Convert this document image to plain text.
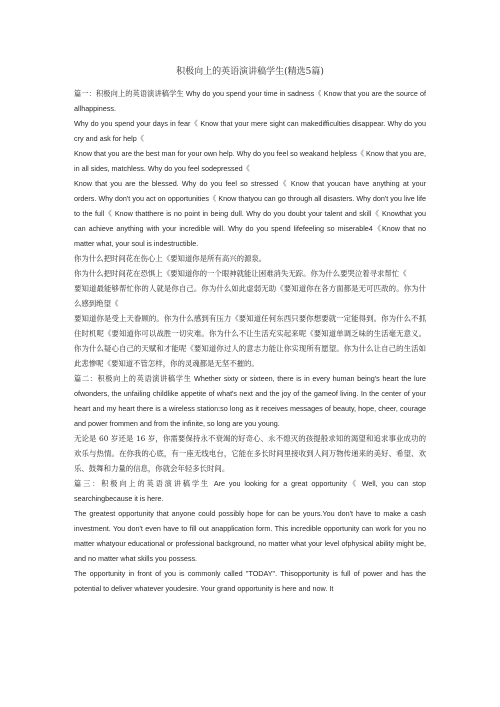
积极向上的英语演讲稿学生(精选5篇)

篇一：积极向上的英语演讲稿学生 Why do you spend your time in sadness《 Know that you are the source of allhappiness.

Why do you spend your days in fear《 Know that your mere sight can makedifficulties disappear. Why do you cry and ask for help《

Know that you are the best man for your own help. Why do you feel so weakand helpless《 Know that you are, in all sides, matchless. Why do you feel sodepressed《

Know that you are the blessed. Why do you feel so stressed《 Know that youcan have anything at your orders. Why don't you act on opportunities《 Know thatyou can go through all disasters. Why don't you live life to the full《 Know thatthere is no point in being dull. Why do you doubt your talent and skill《 Knowthat you can achieve anything with your incredible will. Why do you spend lifefeeling so miserable4《Know that no matter what, your soul is indestructible.

你为什么把时间花在伤心上《要知道你是所有高兴的源泉。

你为什么把时间花在恐惧上《要知道你的一个眼神就能让困难消失无踪。你为什么要哭泣着寻求帮忙《

要知道最能够帮忙你的人就是你自己。你为什么如此虚弱无助《要知道你在各方面都是无可匹敌的。你为什么感到绝望《

要知道你是受上天眷顾的。你为什么感到有压力《要知道任何东西只要你想要就一定能得到。你为什么不抓住时机呢《要知道你可以战胜一切灾难。你为什么不让生活充实起来呢《要知道单调乏味的生活毫无意义。你为什么疑心自己的天赋和才能呢《要知道你过人的意志力能让你实现所有愿望。你为什么让自己的生活如此悲惨呢《要知道不管怎样，你的灵魂都是无坚不摧的。

篇二：积极向上的英语演讲稿学生 Whether sixty or sixteen, there is in every human being's heart the lure ofwonders, the unfailing childlike appetite of what's next and the joy of the gameof living. In the center of your heart and my heart there is a wireless station:so long as it receives messages of beauty, hope, cheer, courage and power frommen and from the infinite, so long are you young.

无论是 60 岁还是 16 岁，你需要保持永不衰竭的好奇心、永不熄灭的孩提般求知的渴望和追求事业成功的欢乐与热情。在你我的心底，有一座无线电台，它能在多长时间里接收到人间万物传递来的美好、希望、欢乐、鼓舞和力量的信息，你就会年轻多长时间。

篇三：积极向上的英语演讲稿学生 Are you looking for a great opportunity《 Well, you can stop searchingbecause it is here.

The greatest opportunity that anyone could possibly hope for can be yours.You don't have to make a cash investment. You don't even have to fill out anapplication form. This incredible opportunity can work for you no matter whatyour educational or professional background, no matter what your level ofphysical ability might be, and no matter what skills you possess.

The opportunity in front of you is commonly called "TODAY". Thisopportunity is full of power and has the potential to deliver whatever youdesire. Your grand opportunity is here and now. It
